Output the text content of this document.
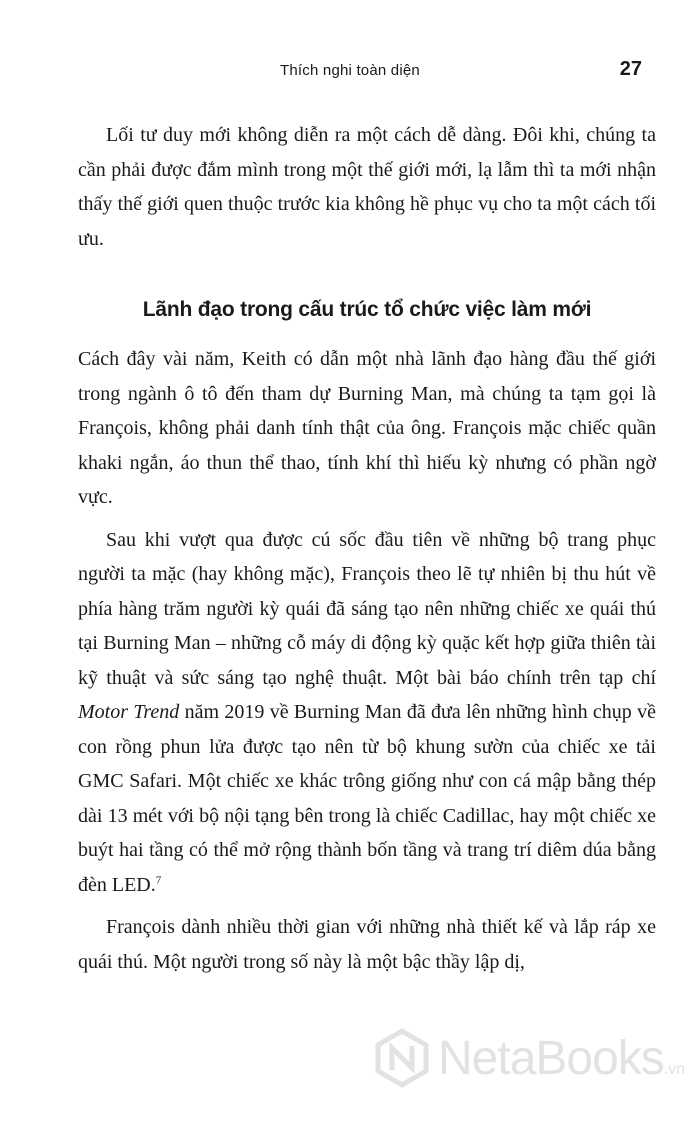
Thích nghi toàn diện	27

Lối tư duy mới không diễn ra một cách dễ dàng. Đôi khi, chúng ta cần phải được đắm mình trong một thế giới mới, lạ lẫm thì ta mới nhận thấy thế giới quen thuộc trước kia không hề phục vụ cho ta một cách tối ưu.

Lãnh đạo trong cấu trúc tổ chức việc làm mới

Cách đây vài năm, Keith có dẫn một nhà lãnh đạo hàng đầu thế giới trong ngành ô tô đến tham dự Burning Man, mà chúng ta tạm gọi là François, không phải danh tính thật của ông. François mặc chiếc quần khaki ngắn, áo thun thể thao, tính khí thì hiếu kỳ nhưng có phần ngờ vực.

Sau khi vượt qua được cú sốc đầu tiên về những bộ trang phục người ta mặc (hay không mặc), François theo lẽ tự nhiên bị thu hút về phía hàng trăm người kỳ quái đã sáng tạo nên những chiếc xe quái thú tại Burning Man – những cỗ máy di động kỳ quặc kết hợp giữa thiên tài kỹ thuật và sức sáng tạo nghệ thuật. Một bài báo chính trên tạp chí Motor Trend năm 2019 về Burning Man đã đưa lên những hình chụp về con rồng phun lửa được tạo nên từ bộ khung sườn của chiếc xe tải GMC Safari. Một chiếc xe khác trông giống như con cá mập bằng thép dài 13 mét với bộ nội tạng bên trong là chiếc Cadillac, hay một chiếc xe buýt hai tầng có thể mở rộng thành bốn tầng và trang trí diêm dúa bằng đèn LED.$^7$

François dành nhiều thời gian với những nhà thiết kế và lắp ráp xe quái thú. Một người trong số này là một bậc thầy lập dị,

NetaBooks.vn
